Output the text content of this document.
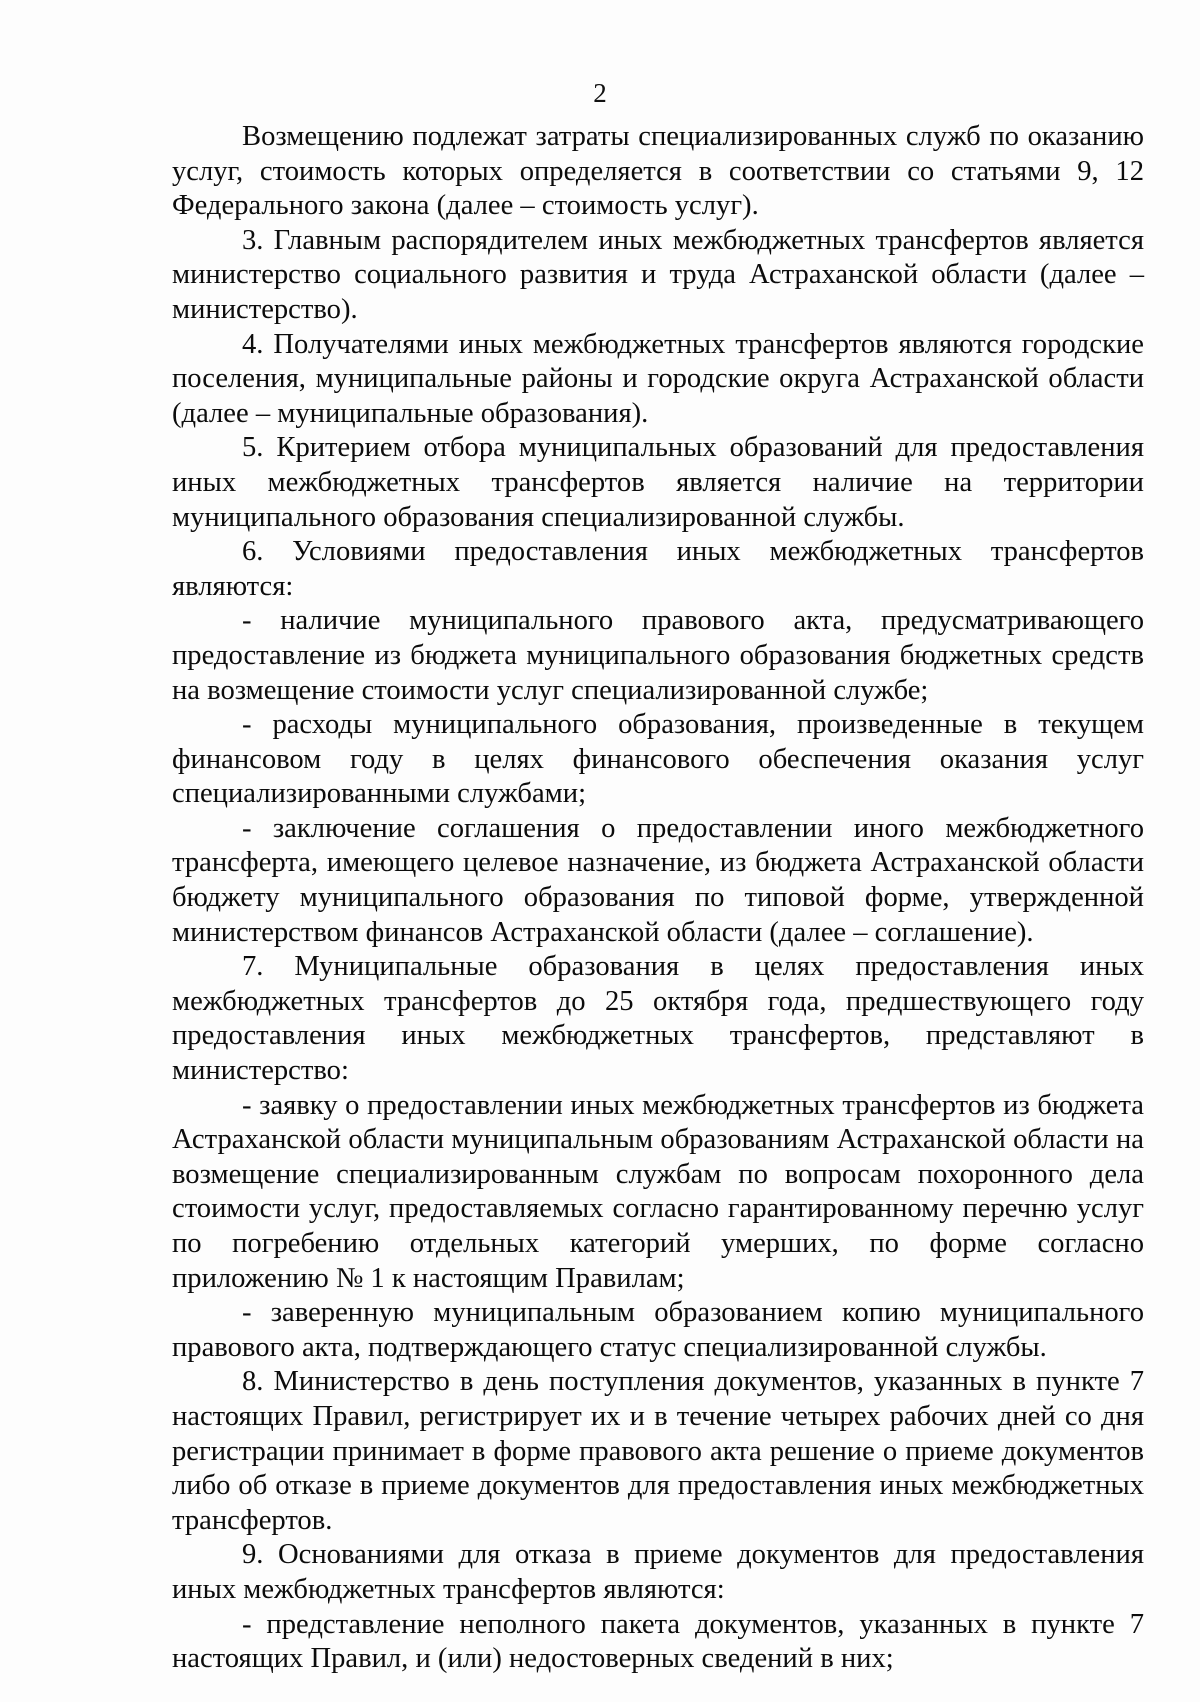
2

Возмещению подлежат затраты специализированных служб по оказанию услуг, стоимость которых определяется в соответствии со статьями 9, 12 Федерального закона (далее – стоимость услуг).

3. Главным распорядителем иных межбюджетных трансфертов является министерство социального развития и труда Астраханской области (далее – министерство).

4. Получателями иных межбюджетных трансфертов являются городские поселения, муниципальные районы и городские округа Астраханской области (далее – муниципальные образования).

5. Критерием отбора муниципальных образований для предоставления иных межбюджетных трансфертов является наличие на территории муниципального образования специализированной службы.

6. Условиями предоставления иных межбюджетных трансфертов являются:

- наличие муниципального правового акта, предусматривающего предоставление из бюджета муниципального образования бюджетных средств на возмещение стоимости услуг специализированной службе;

- расходы муниципального образования, произведенные в текущем финансовом году в целях финансового обеспечения оказания услуг специализированными службами;

- заключение соглашения о предоставлении иного межбюджетного трансферта, имеющего целевое назначение, из бюджета Астраханской области бюджету муниципального образования по типовой форме, утвержденной министерством финансов Астраханской области (далее – соглашение).

7. Муниципальные образования в целях предоставления иных межбюджетных трансфертов до 25 октября года, предшествующего году предоставления иных межбюджетных трансфертов, представляют в министерство:

- заявку о предоставлении иных межбюджетных трансфертов из бюджета Астраханской области муниципальным образованиям Астраханской области на возмещение специализированным службам по вопросам похоронного дела стоимости услуг, предоставляемых согласно гарантированному перечню услуг по погребению отдельных категорий умерших, по форме согласно приложению № 1 к настоящим Правилам;

- заверенную муниципальным образованием копию муниципального правового акта, подтверждающего статус специализированной службы.

8. Министерство в день поступления документов, указанных в пункте 7 настоящих Правил, регистрирует их и в течение четырех рабочих дней со дня регистрации принимает в форме правового акта решение о приеме документов либо об отказе в приеме документов для предоставления иных межбюджетных трансфертов.

9. Основаниями для отказа в приеме документов для предоставления иных межбюджетных трансфертов являются:

- представление неполного пакета документов, указанных в пункте 7 настоящих Правил, и (или) недостоверных сведений в них;
